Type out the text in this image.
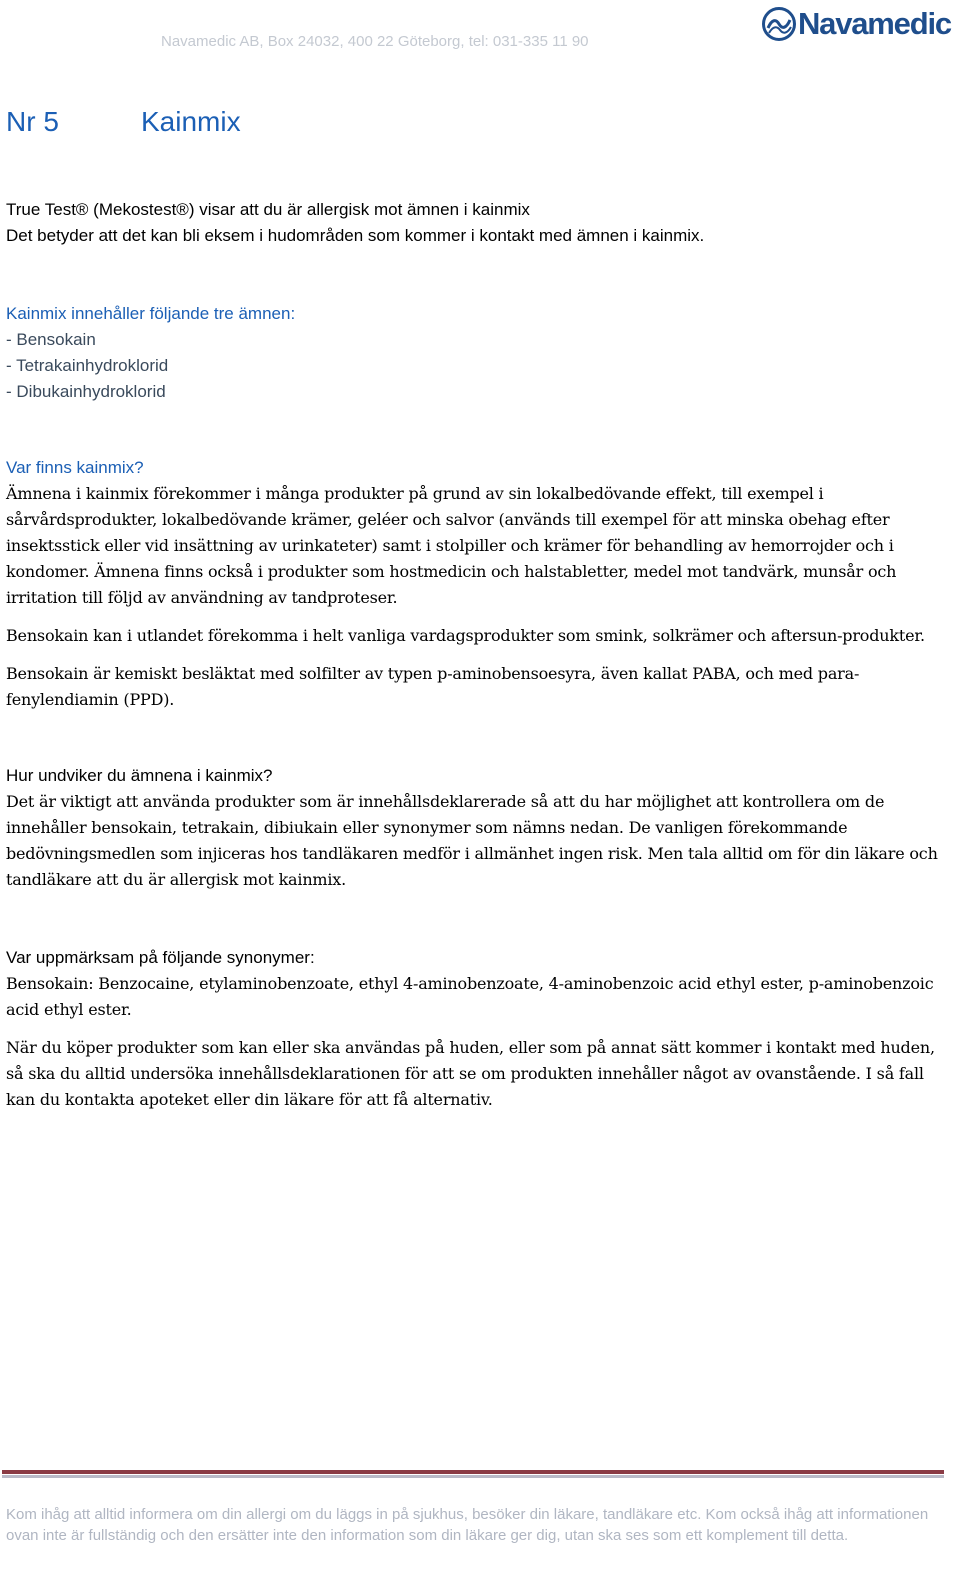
Navamedic AB, Box 24032, 400 22 Göteborg, tel: 031-335 11 90
Navamedic
Nr 5	Kainmix

True Test® (Mekostest®) visar att du är allergisk mot ämnen i kainmix

Det betyder att det kan bli eksem i hudområden som kommer i kontakt med ämnen i kainmix.

Kainmix innehåller följande tre ämnen:

- Bensokain
- Tetrakainhydroklorid
- Dibukainhydroklorid

Var finns kainmix?

Ämnena i kainmix förekommer i många produkter på grund av sin lokalbedövande effekt, till exempel i sårvårdsprodukter, lokalbedövande krämer, geléer och salvor (används till exempel för att minska obehag efter insektsstick eller vid insättning av urinkateter) samt i stolpiller och krämer för behandling av hemorrojder och i kondomer. Ämnena finns också i produkter som hostmedicin och halstabletter, medel mot tandvärk, munsår och irritation till följd av användning av tandproteser.

Bensokain kan i utlandet förekomma i helt vanliga vardagsprodukter som smink, solkrämer och aftersun-produkter.

Bensokain är kemiskt besläktat med solfilter av typen p-aminobensoesyra, även kallat PABA, och med para-fenylendiamin (PPD).

Hur undviker du ämnena i kainmix?

Det är viktigt att använda produkter som är innehållsdeklarerade så att du har möjlighet att kontrollera om de innehåller bensokain, tetrakain, dibiukain eller synonymer som nämns nedan. De vanligen förekommande bedövningsmedlen som injiceras hos tandläkaren medför i allmänhet ingen risk. Men tala alltid om för din läkare och tandläkare att du är allergisk mot kainmix.

Var uppmärksam på följande synonymer:

Bensokain: Benzocaine, etylaminobenzoate, ethyl 4-aminobenzoate, 4-aminobenzoic acid ethyl ester, p-aminobenzoic acid ethyl ester.

När du köper produkter som kan eller ska användas på huden, eller som på annat sätt kommer i kontakt med huden, så ska du alltid undersöka innehållsdeklarationen för att se om produkten innehåller något av ovanstående. I så fall kan du kontakta apoteket eller din läkare för att få alternativ.

Kom ihåg att alltid informera om din allergi om du läggs in på sjukhus, besöker din läkare, tandläkare etc. Kom också ihåg att informationen ovan inte är fullständig och den ersätter inte den information som din läkare ger dig, utan ska ses som ett komplement till detta.
